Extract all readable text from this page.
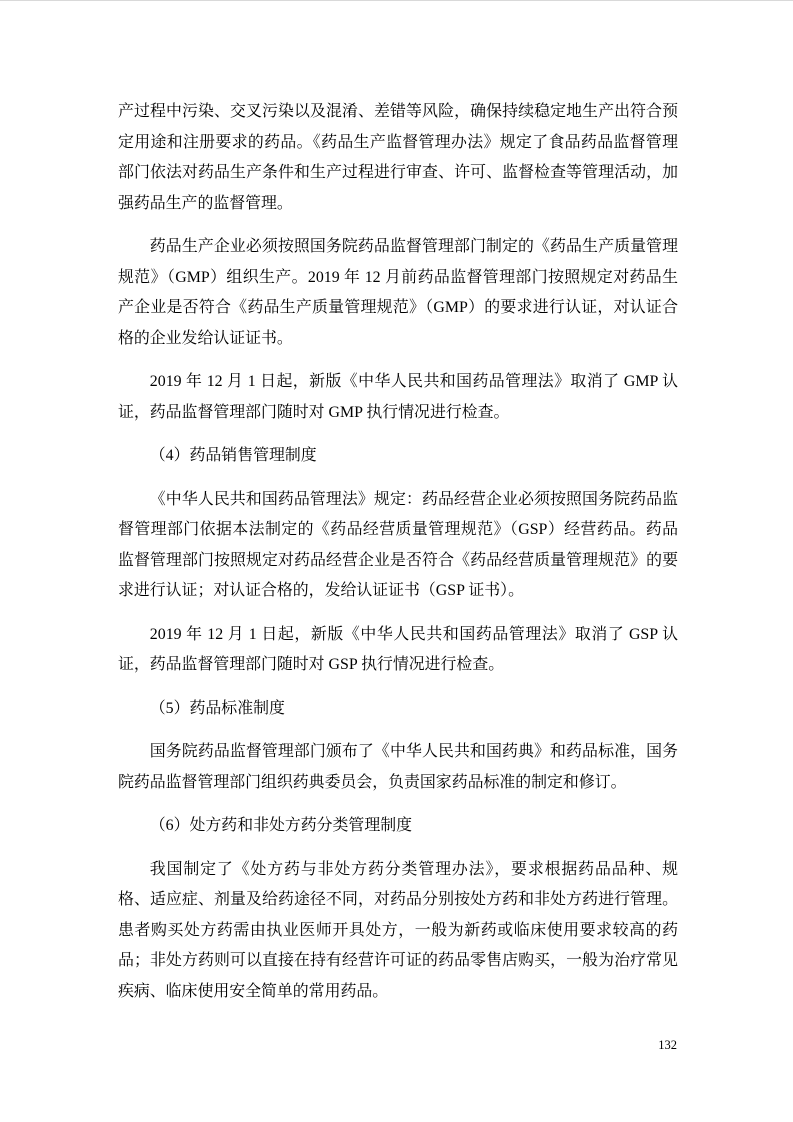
产过程中污染、交叉污染以及混淆、差错等风险，确保持续稳定地生产出符合预定用途和注册要求的药品。《药品生产监督管理办法》规定了食品药品监督管理部门依法对药品生产条件和生产过程进行审查、许可、监督检查等管理活动，加强药品生产的监督管理。

药品生产企业必须按照国务院药品监督管理部门制定的《药品生产质量管理规范》（GMP）组织生产。2019 年 12 月前药品监督管理部门按照规定对药品生产企业是否符合《药品生产质量管理规范》（GMP）的要求进行认证，对认证合格的企业发给认证证书。

2019 年 12 月 1 日起，新版《中华人民共和国药品管理法》取消了 GMP 认证，药品监督管理部门随时对 GMP 执行情况进行检查。

（4）药品销售管理制度

《中华人民共和国药品管理法》规定：药品经营企业必须按照国务院药品监督管理部门依据本法制定的《药品经营质量管理规范》（GSP）经营药品。药品监督管理部门按照规定对药品经营企业是否符合《药品经营质量管理规范》的要求进行认证；对认证合格的，发给认证证书（GSP 证书）。

2019 年 12 月 1 日起，新版《中华人民共和国药品管理法》取消了 GSP 认证，药品监督管理部门随时对 GSP 执行情况进行检查。

（5）药品标准制度

国务院药品监督管理部门颁布了《中华人民共和国药典》和药品标准，国务院药品监督管理部门组织药典委员会，负责国家药品标准的制定和修订。

（6）处方药和非处方药分类管理制度

我国制定了《处方药与非处方药分类管理办法》，要求根据药品品种、规格、适应症、剂量及给药途径不同，对药品分别按处方药和非处方药进行管理。患者购买处方药需由执业医师开具处方，一般为新药或临床使用要求较高的药品；非处方药则可以直接在持有经营许可证的药品零售店购买，一般为治疗常见疾病、临床使用安全简单的常用药品。

132
